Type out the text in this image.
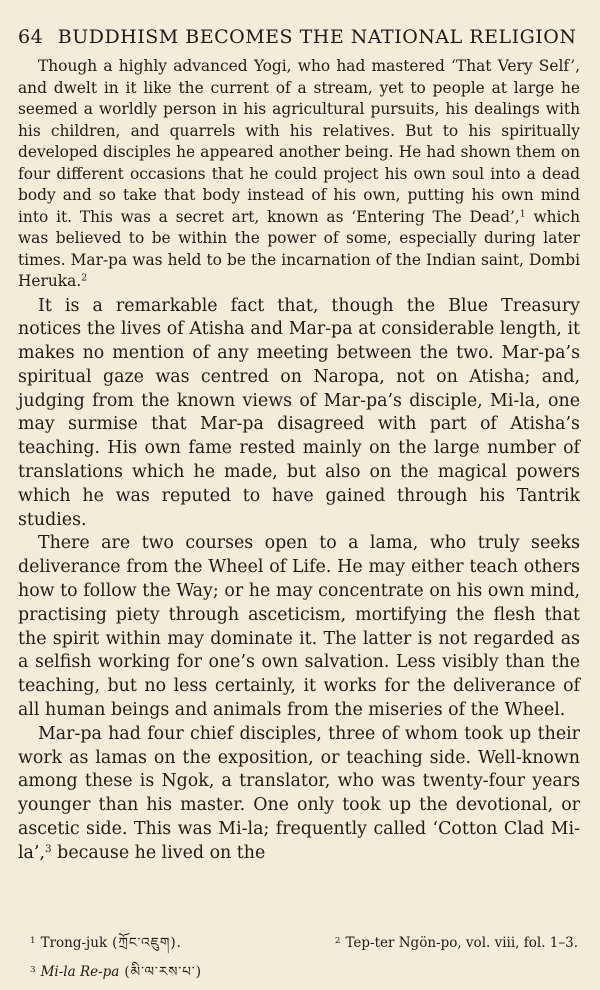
64 BUDDHISM BECOMES THE NATIONAL RELIGION

Though a highly advanced Yogi, who had mastered ‘That Very Self’, and dwelt in it like the current of a stream, yet to people at large he seemed a worldly person in his agricultural pursuits, his dealings with his children, and quarrels with his relatives. But to his spiritually developed disciples he appeared another being. He had shown them on four different occasions that he could project his own soul into a dead body and so take that body instead of his own, putting his own mind into it. This was a secret art, known as ‘Entering The Dead’,$^1$ which was believed to be within the power of some, especially during later times. Mar-pa was held to be the incarnation of the Indian saint, Dombi Heruka.$^2$

It is a remarkable fact that, though the Blue Treasury notices the lives of Atisha and Mar-pa at considerable length, it makes no mention of any meeting between the two. Mar-pa’s spiritual gaze was centred on Naropa, not on Atisha; and, judging from the known views of Mar-pa’s disciple, Mi-la, one may surmise that Mar-pa disagreed with part of Atisha’s teaching. His own fame rested mainly on the large number of translations which he made, but also on the magical powers which he was reputed to have gained through his Tantrik studies.

There are two courses open to a lama, who truly seeks deliverance from the Wheel of Life. He may either teach others how to follow the Way; or he may concentrate on his own mind, practising piety through asceticism, mortifying the flesh that the spirit within may dominate it. The latter is not regarded as a selfish working for one’s own salvation. Less visibly than the teaching, but no less certainly, it works for the deliverance of all human beings and animals from the miseries of the Wheel.

Mar-pa had four chief disciples, three of whom took up their work as lamas on the exposition, or teaching side. Well-known among these is Ngok, a translator, who was twenty-four years younger than his master. One only took up the devotional, or ascetic side. This was Mi-la; frequently called ‘Cotton Clad Mi-la’,$^3$ because he lived on the

$^1$ Trong-juk (ཀྲོང་འཇུག).	$^2$ Tep-ter Ngön-po, vol. viii, fol. 1–3.
$^3$ Mi-la Re-pa (མི་ལ་རས་པ་)
